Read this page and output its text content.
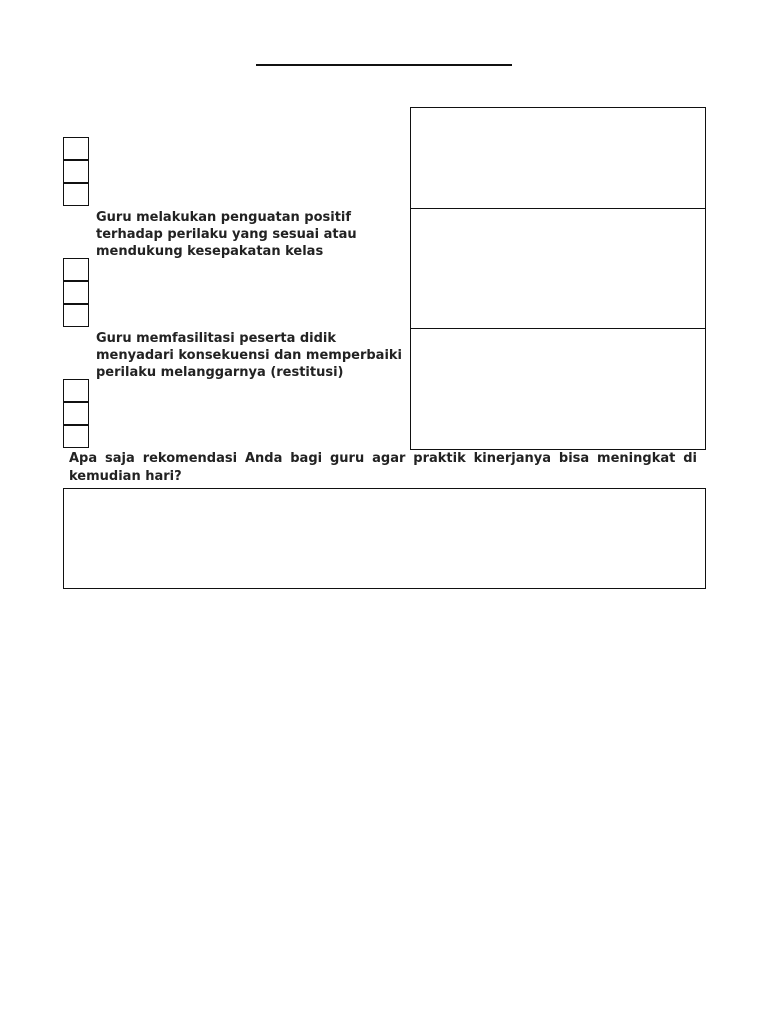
Guru melakukan penguatan positif terhadap perilaku yang sesuai atau mendukung kesepakatan kelas
Guru memfasilitasi peserta didik menyadari konsekuensi dan memperbaiki perilaku melanggarnya (restitusi)
Apa saja rekomendasi Anda bagi guru agar praktik kinerjanya bisa meningkat di kemudian hari?
